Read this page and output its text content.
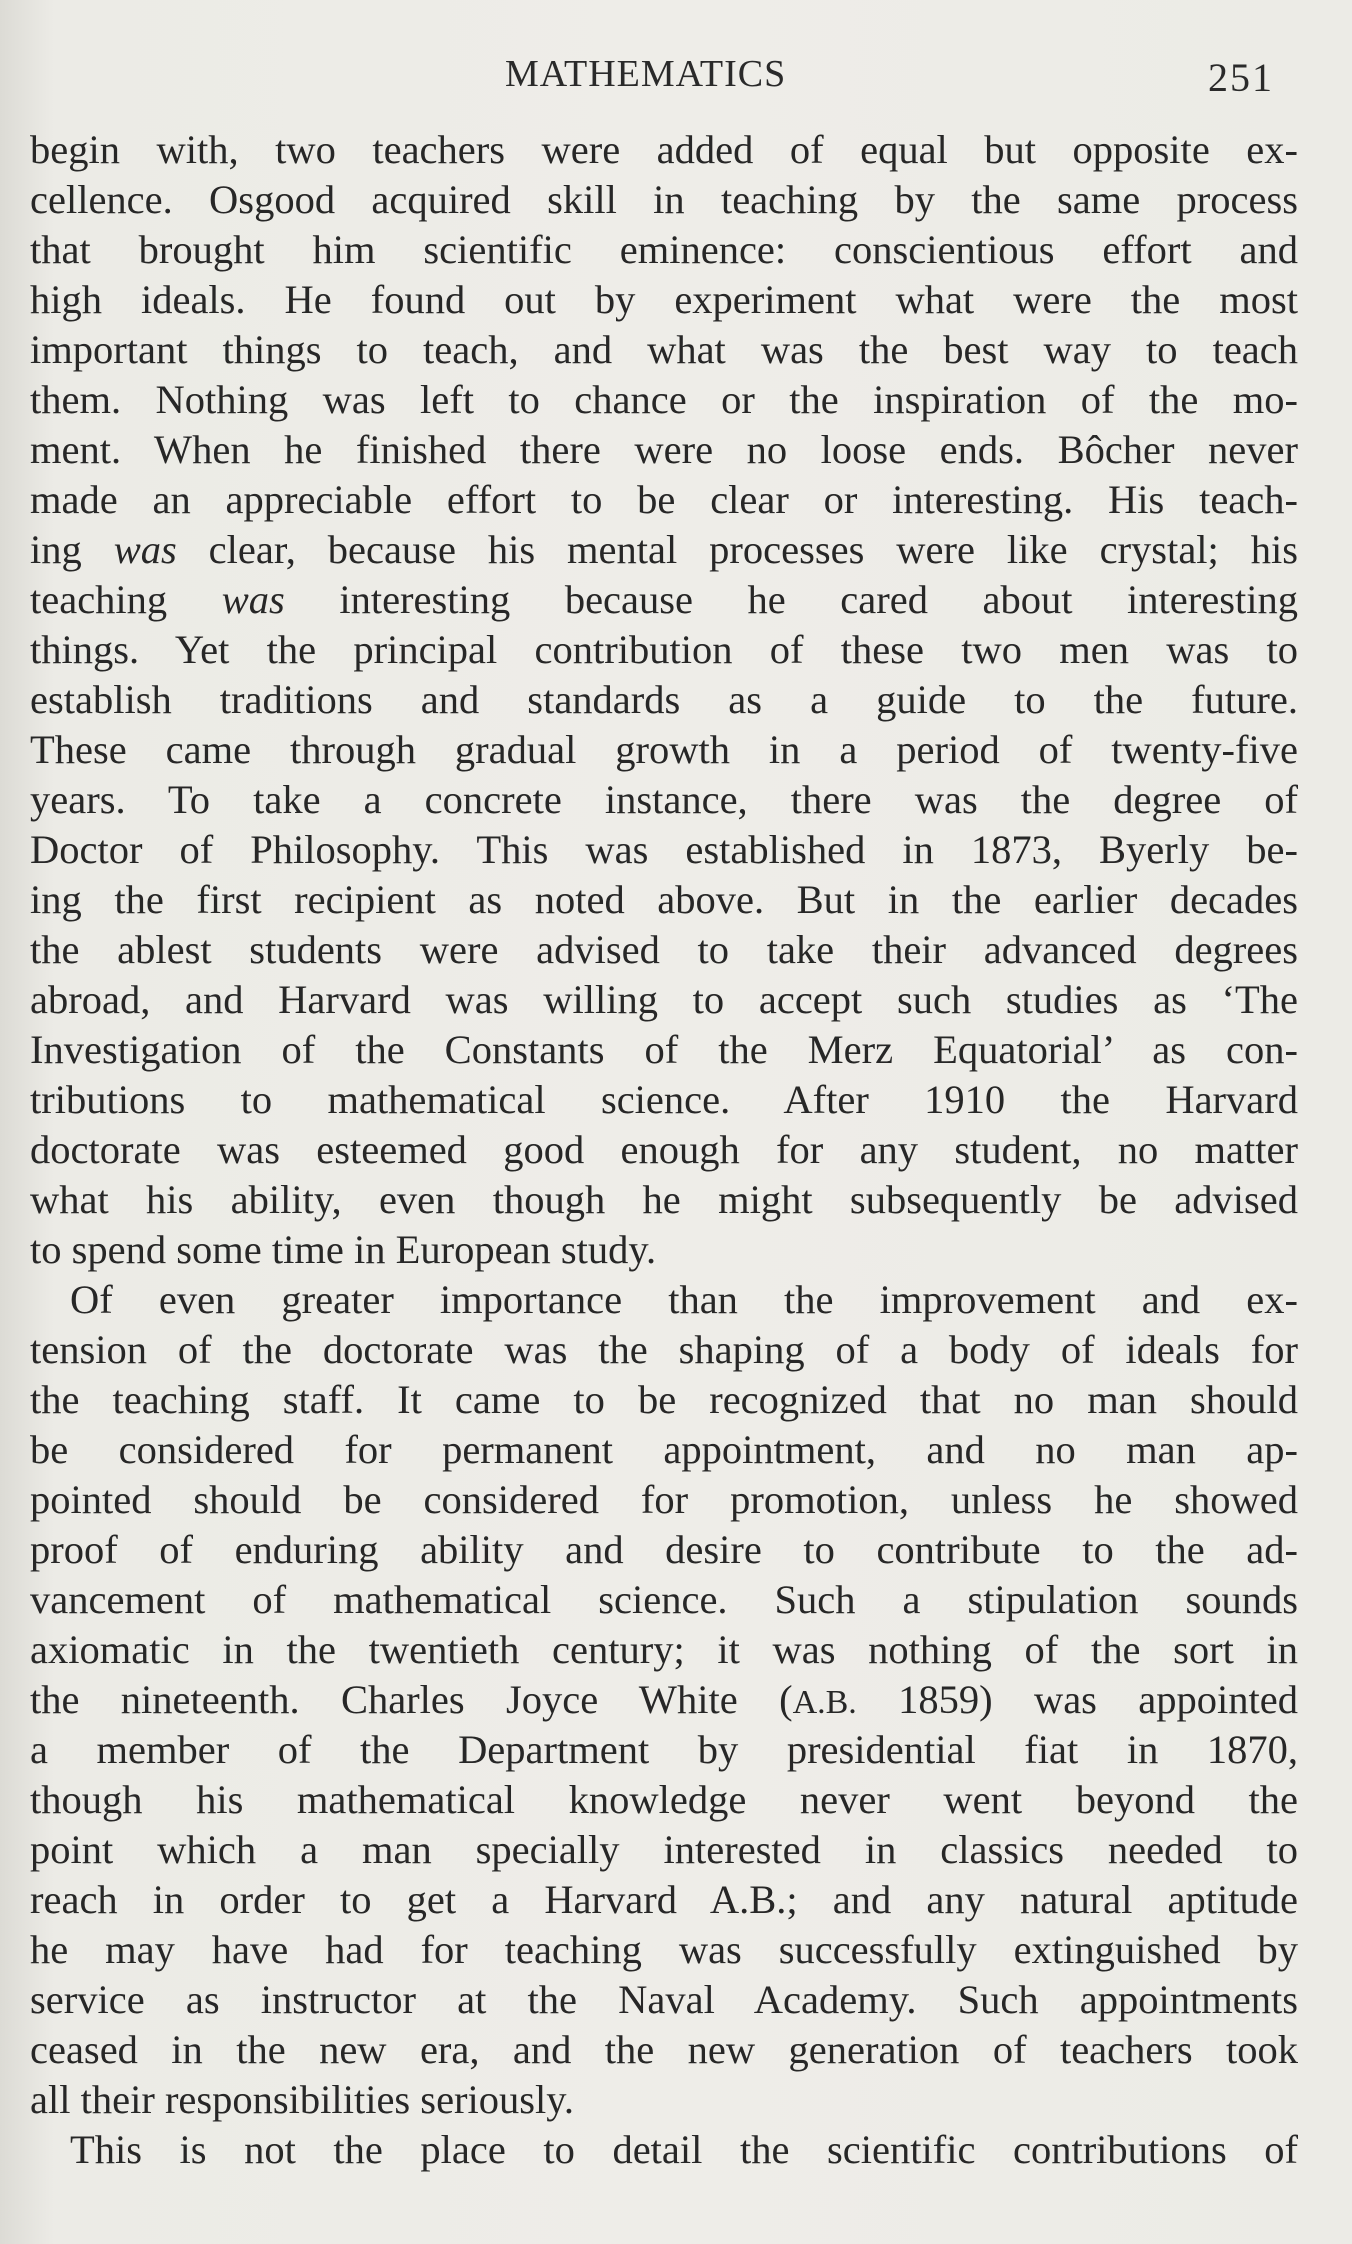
MATHEMATICS	251
begin with, two teachers were added of equal but opposite ex-
cellence. Osgood acquired skill in teaching by the same process
that brought him scientific eminence: conscientious effort and
high ideals. He found out by experiment what were the most
important things to teach, and what was the best way to teach
them. Nothing was left to chance or the inspiration of the mo-
ment. When he finished there were no loose ends. Bôcher never
made an appreciable effort to be clear or interesting. His teach-
ing was clear, because his mental processes were like crystal; his
teaching was interesting because he cared about interesting
things. Yet the principal contribution of these two men was to
establish traditions and standards as a guide to the future.
These came through gradual growth in a period of twenty-five
years. To take a concrete instance, there was the degree of
Doctor of Philosophy. This was established in 1873, Byerly be-
ing the first recipient as noted above. But in the earlier decades
the ablest students were advised to take their advanced degrees
abroad, and Harvard was willing to accept such studies as ‘The
Investigation of the Constants of the Merz Equatorial’ as con-
tributions to mathematical science. After 1910 the Harvard
doctorate was esteemed good enough for any student, no matter
what his ability, even though he might subsequently be advised
to spend some time in European study.
Of even greater importance than the improvement and ex-
tension of the doctorate was the shaping of a body of ideals for
the teaching staff. It came to be recognized that no man should
be considered for permanent appointment, and no man ap-
pointed should be considered for promotion, unless he showed
proof of enduring ability and desire to contribute to the ad-
vancement of mathematical science. Such a stipulation sounds
axiomatic in the twentieth century; it was nothing of the sort in
the nineteenth. Charles Joyce White (A.B. 1859) was appointed
a member of the Department by presidential fiat in 1870,
though his mathematical knowledge never went beyond the
point which a man specially interested in classics needed to
reach in order to get a Harvard A.B.; and any natural aptitude
he may have had for teaching was successfully extinguished by
service as instructor at the Naval Academy. Such appointments
ceased in the new era, and the new generation of teachers took
all their responsibilities seriously.
This is not the place to detail the scientific contributions of
